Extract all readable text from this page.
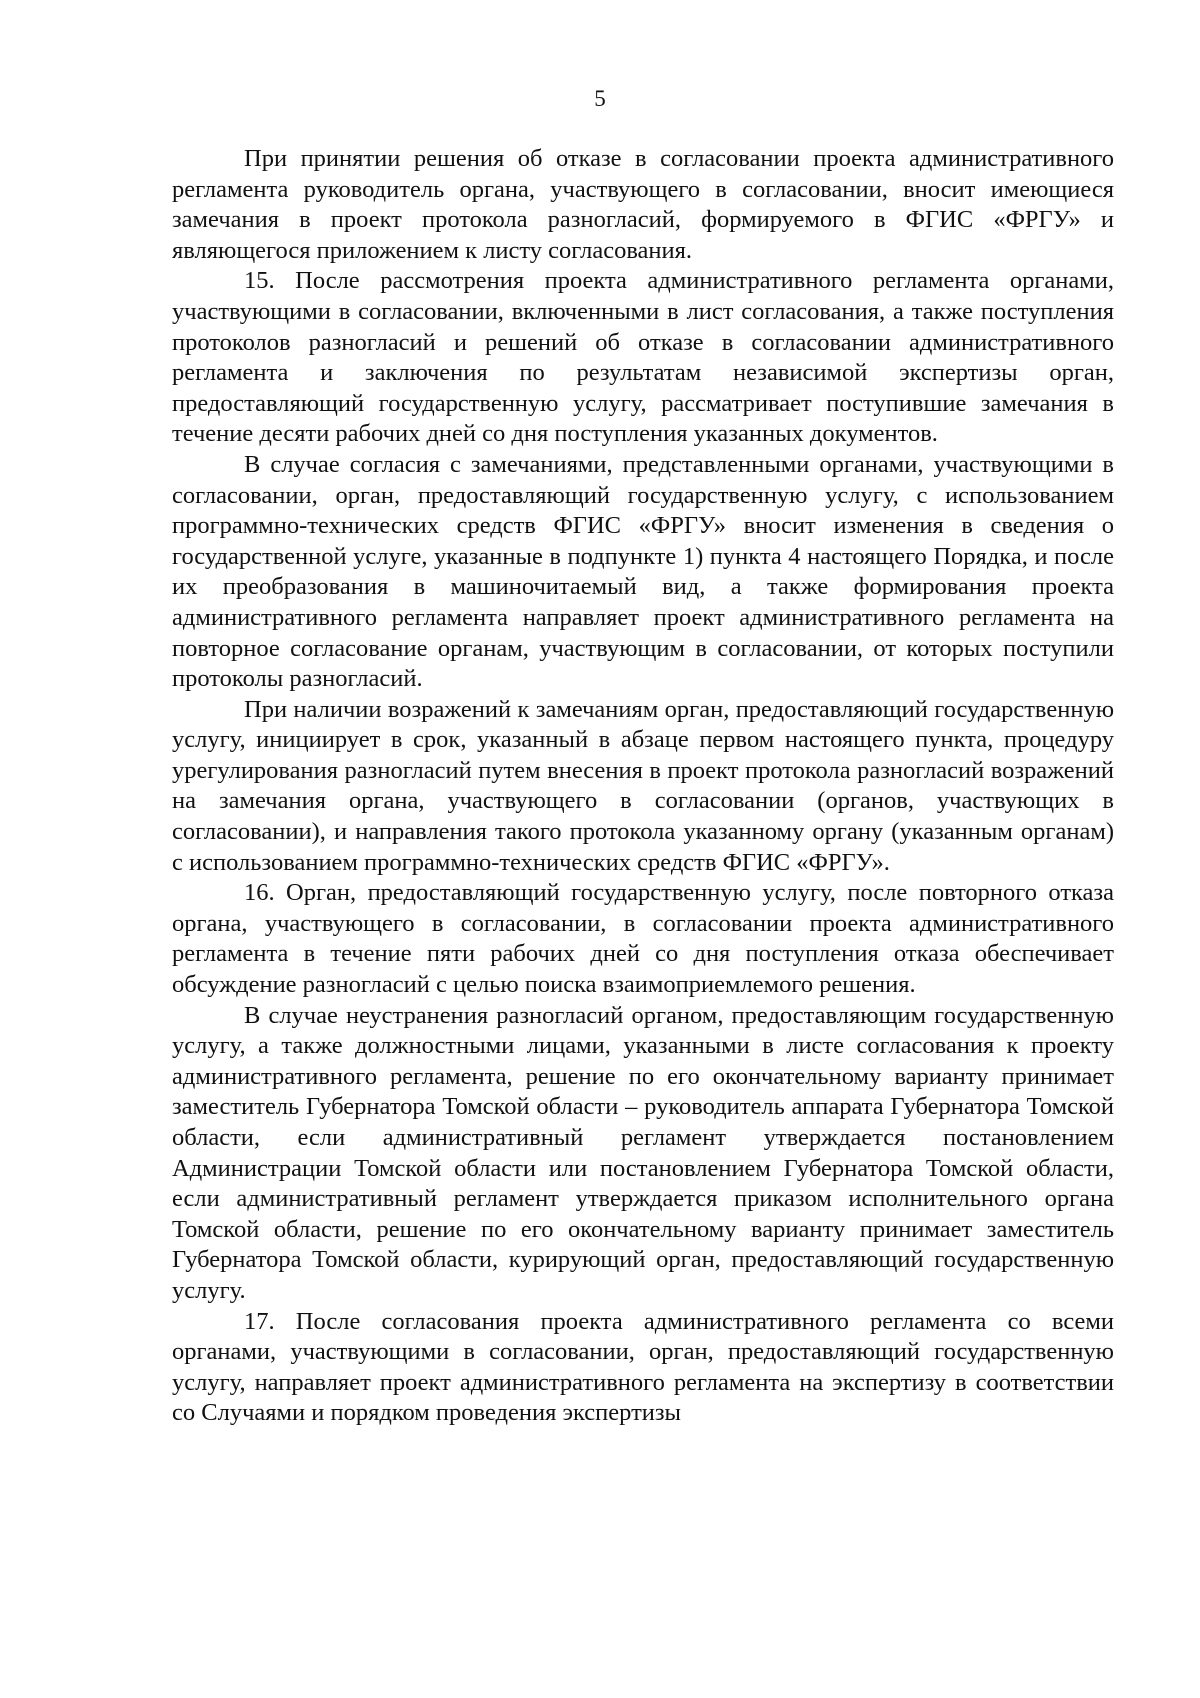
5

При принятии решения об отказе в согласовании проекта административного регламента руководитель органа, участвующего в согласовании, вносит имеющиеся замечания в проект протокола разногласий, формируемого в ФГИС «ФРГУ» и являющегося приложением к листу согласования.

15. После рассмотрения проекта административного регламента органами, участвующими в согласовании, включенными в лист согласования, а также поступления протоколов разногласий и решений об отказе в согласовании административного регламента и заключения по результатам независимой экспертизы орган, предоставляющий государственную услугу, рассматривает поступившие замечания в течение десяти рабочих дней со дня поступления указанных документов.

В случае согласия с замечаниями, представленными органами, участвующими в согласовании, орган, предоставляющий государственную услугу, с использованием программно-технических средств ФГИС «ФРГУ» вносит изменения в сведения о государственной услуге, указанные в подпункте 1) пункта 4 настоящего Порядка, и после их преобразования в машиночитаемый вид, а также формирования проекта административного регламента направляет проект административного регламента на повторное согласование органам, участвующим в согласовании, от которых поступили протоколы разногласий.

При наличии возражений к замечаниям орган, предоставляющий государственную услугу, инициирует в срок, указанный в абзаце первом настоящего пункта, процедуру урегулирования разногласий путем внесения в проект протокола разногласий возражений на замечания органа, участвующего в согласовании (органов, участвующих в согласовании), и направления такого протокола указанному органу (указанным органам) с использованием программно-технических средств ФГИС «ФРГУ».

16. Орган, предоставляющий государственную услугу, после повторного отказа органа, участвующего в согласовании, в согласовании проекта административного регламента в течение пяти рабочих дней со дня поступления отказа обеспечивает обсуждение разногласий с целью поиска взаимоприемлемого решения.

В случае неустранения разногласий органом, предоставляющим государственную услугу, а также должностными лицами, указанными в листе согласования к проекту административного регламента, решение по его окончательному варианту принимает заместитель Губернатора Томской области – руководитель аппарата Губернатора Томской области, если административный регламент утверждается постановлением Администрации Томской области или постановлением Губернатора Томской области, если административный регламент утверждается приказом исполнительного органа Томской области, решение по его окончательному варианту принимает заместитель Губернатора Томской области, курирующий орган, предоставляющий государственную услугу.

17. После согласования проекта административного регламента со всеми органами, участвующими в согласовании, орган, предоставляющий государственную услугу, направляет проект административного регламента на экспертизу в соответствии со Случаями и порядком проведения экспертизы
